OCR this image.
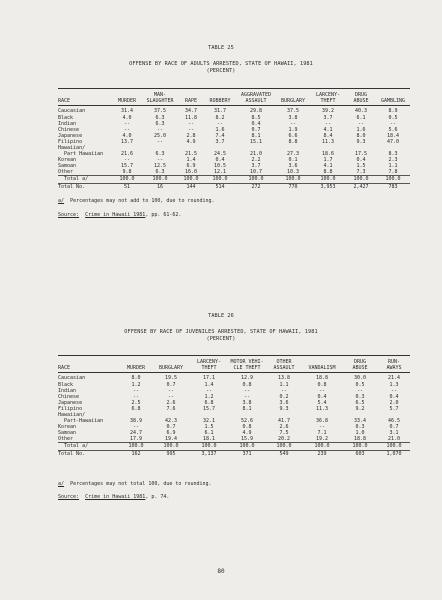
TABLE 25
OFFENSE BY RACE OF ADULTS ARRESTED, STATE OF HAWAII, 1981
(PERCENT)

		MAN-			AGGRAVATED		LARCENY-	DRUG	
RACE	MURDER	SLAUGHTER	RAPE	ROBBERY	ASSAULT	BURGLARY	THEFT	ABUSE	GAMBLING
Caucasian	31.4	37.5	34.7	31.7	29.8	37.5	39.2	40.3	8.9
Black	4.0	6.3	11.8	8.2	8.5	3.8	3.7	6.1	0.5
Indian	--	6.3	--	--	0.4	--	--	--	--
Chinese	--	--	--	1.6	0.7	1.9	4.1	1.6	5.6
Japanese	4.0	25.0	2.8	7.4	8.1	6.6	8.4	8.0	18.4
Filipino	13.7	--	4.9	3.7	15.1	8.8	11.3	9.3	47.0
Hawaiian/									
Part Hawaiian	21.6	6.3	21.5	24.5	21.0	27.3	18.6	17.5	8.3
Korean	--	--	1.4	0.4	2.2	0.1	1.7	0.4	2.3
Samoan	15.7	12.5	6.9	10.5	3.7	3.6	4.1	1.5	1.1
Other	9.8	6.3	16.0	12.1	10.7	10.3	8.8	7.3	7.8
Total a/	100.0	100.0	100.0	100.0	100.0	100.0	100.0	100.0	100.0
Total No.	51	16	144	514	272	770	3,953	2,427	783
a/ Percentages may not add to 100, due to rounding.
Source: Crime in Hawaii 1981, pp. 61-62.
TABLE 26
OFFENSE BY RACE OF JUVENILES ARRESTED, STATE OF HAWAII, 1981
(PERCENT)

			LARCENY-	MOTOR VEHI-	OTHER		DRUG	RUN-
RACE	MURDER	BURGLARY	THEFT	CLE THEFT	ASSAULT	VANDALISM	ABUSE	AWAYS
Caucasian	8.0	19.5	17.1	12.9	13.8	18.8	30.0	21.4
Black	1.2	0.7	1.4	0.8	1.1	0.8	0.5	1.3
Indian	--	--	--	--	--	--	--	--
Chinese	--	--	1.2	--	0.2	0.4	0.3	0.4
Japanese	2.5	2.6	6.8	3.8	3.6	5.4	6.5	2.0
Filipino	6.8	7.6	15.7	8.1	9.3	11.3	9.2	5.7
Hawaiian/								
Part-Hawaiian	38.9	42.3	32.1	52.6	41.7	36.8	33.4	46.5
Korean	--	0.7	1.5	0.8	2.6	--	0.3	0.7
Samoan	24.7	6.9	6.1	4.9	7.5	7.1	1.0	3.1
Other	17.9	19.4	18.1	15.9	20.2	19.2	18.8	21.0
Total a/	100.0	100.0	100.0	100.0	100.0	100.0	100.0	100.0
Total No.	162	995	3,137	371	549	239	603	1,070
a/ Percentages may not total 100, due to rounding.
Source: Crime in Hawaii 1981, p. 74.
80
